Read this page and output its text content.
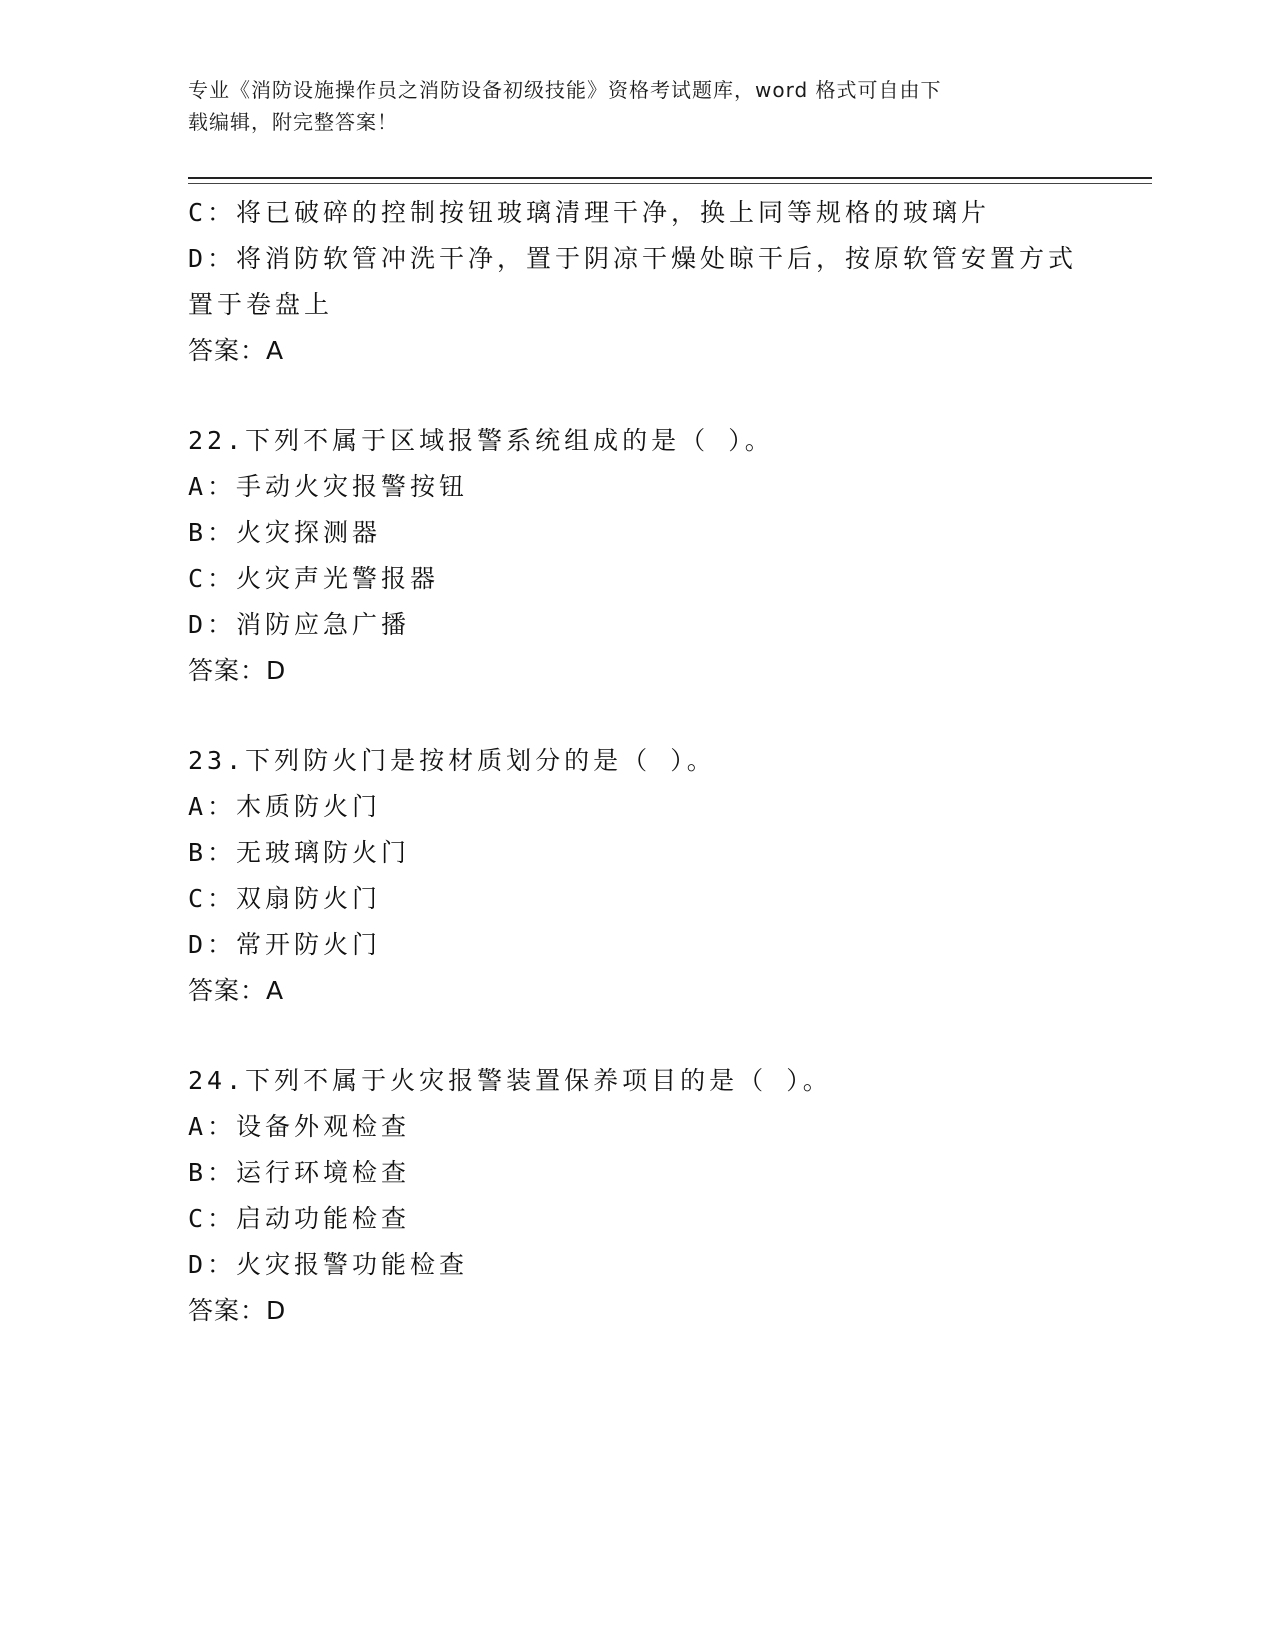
专业《消防设施操作员之消防设备初级技能》资格考试题库，word 格式可自由下
载编辑，附完整答案！
C：将已破碎的控制按钮玻璃清理干净，换上同等规格的玻璃片
D：将消防软管冲洗干净，置于阴凉干燥处晾干后，按原软管安置方式
置于卷盘上
答案：A
22.下列不属于区域报警系统组成的是（ ）。
A：手动火灾报警按钮
B：火灾探测器
C：火灾声光警报器
D：消防应急广播
答案：D
23.下列防火门是按材质划分的是（ ）。
A：木质防火门
B：无玻璃防火门
C：双扇防火门
D：常开防火门
答案：A
24.下列不属于火灾报警装置保养项目的是（ ）。
A：设备外观检查
B：运行环境检查
C：启动功能检查
D：火灾报警功能检查
答案：D
